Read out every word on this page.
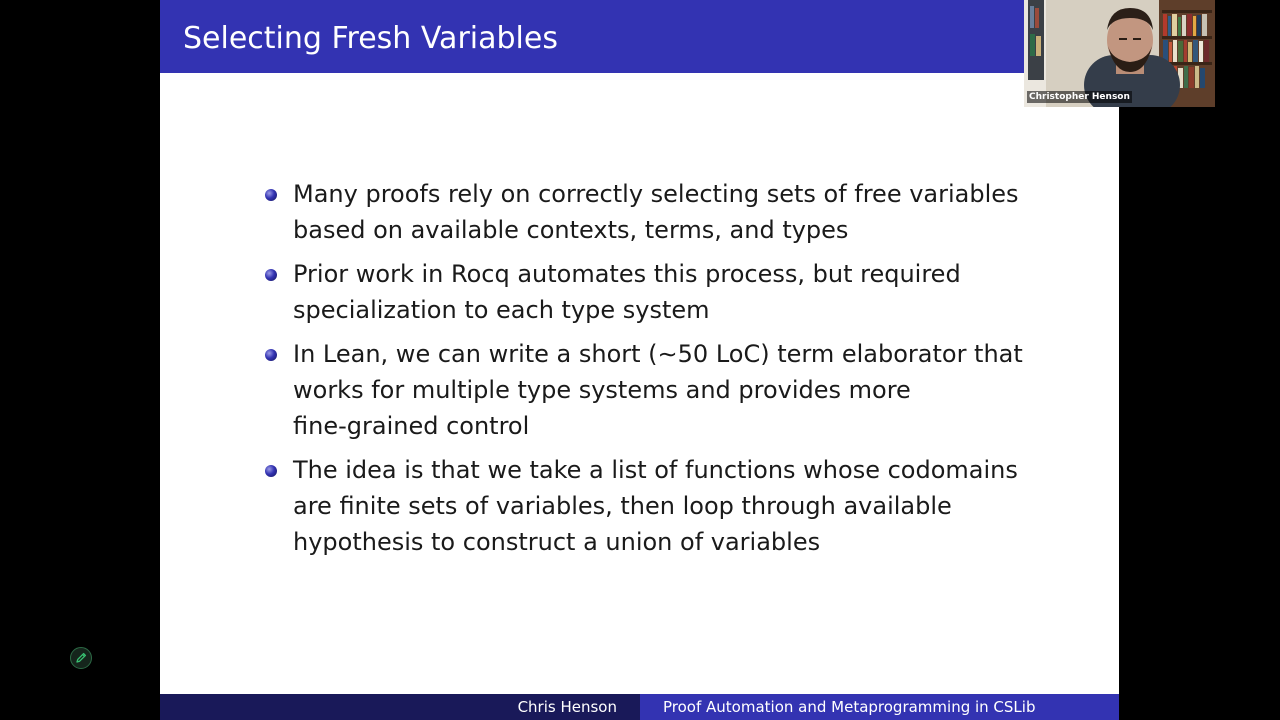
Selecting Fresh Variables
Many proofs rely on correctly selecting sets of free variables
based on available contexts, terms, and types
Prior work in Rocq automates this process, but required
specialization to each type system
In Lean, we can write a short (∼50 LoC) term elaborator that
works for multiple type systems and provides more
fine-grained control
The idea is that we take a list of functions whose codomains
are finite sets of variables, then loop through available
hypothesis to construct a union of variables
Chris Henson	Proof Automation and Metaprogramming in CSLib
Christopher Henson
